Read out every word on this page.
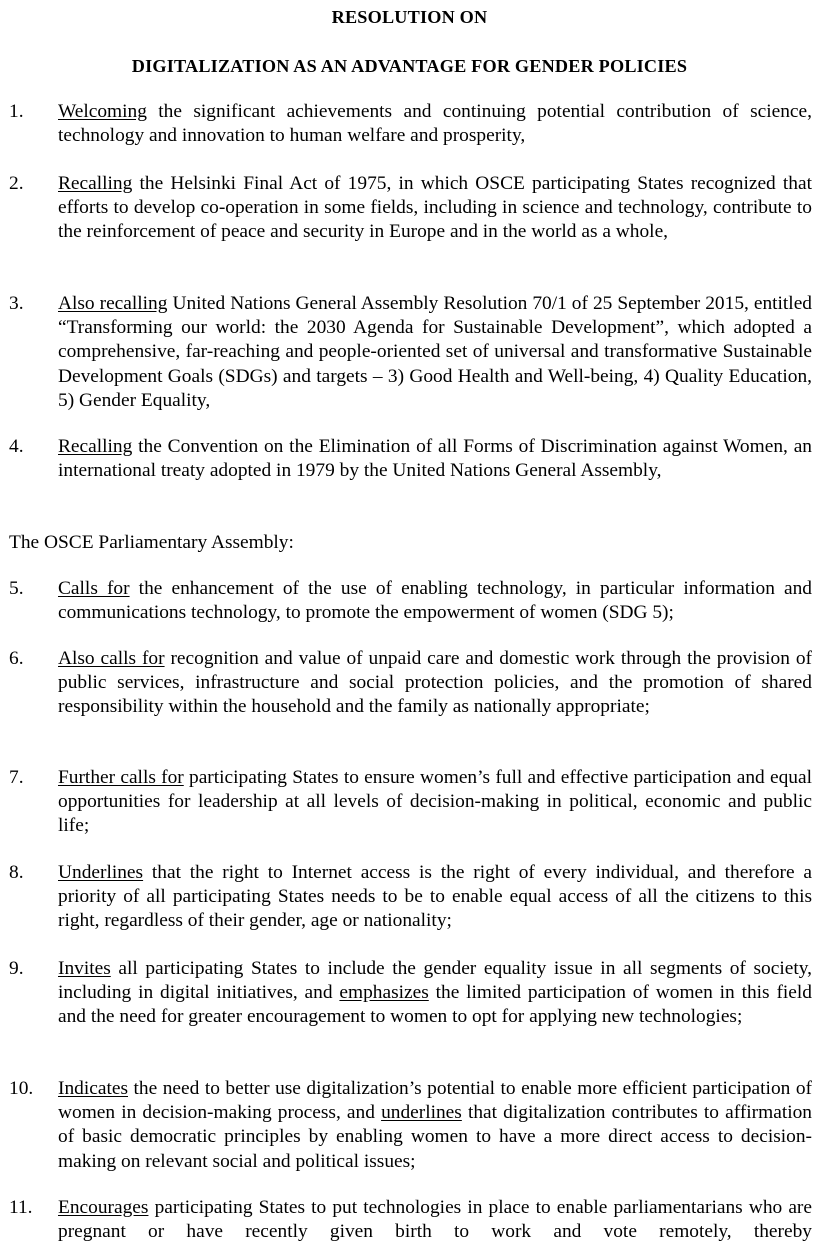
RESOLUTION ON
DIGITALIZATION AS AN ADVANTAGE FOR GENDER POLICIES
1. Welcoming the significant achievements and continuing potential contribution of science, technology and innovation to human welfare and prosperity,
2. Recalling the Helsinki Final Act of 1975, in which OSCE participating States recognized that efforts to develop co-operation in some fields, including in science and technology, contribute to the reinforcement of peace and security in Europe and in the world as a whole,
3. Also recalling United Nations General Assembly Resolution 70/1 of 25 September 2015, entitled “Transforming our world: the 2030 Agenda for Sustainable Development”, which adopted a comprehensive, far-reaching and people-oriented set of universal and transformative Sustainable Development Goals (SDGs) and targets – 3) Good Health and Well-being, 4) Quality Education, 5) Gender Equality,
4. Recalling the Convention on the Elimination of all Forms of Discrimination against Women, an international treaty adopted in 1979 by the United Nations General Assembly,
The OSCE Parliamentary Assembly:
5. Calls for the enhancement of the use of enabling technology, in particular information and communications technology, to promote the empowerment of women (SDG 5);
6. Also calls for recognition and value of unpaid care and domestic work through the provision of public services, infrastructure and social protection policies, and the promotion of shared responsibility within the household and the family as nationally appropriate;
7. Further calls for participating States to ensure women’s full and effective participation and equal opportunities for leadership at all levels of decision-making in political, economic and public life;
8. Underlines that the right to Internet access is the right of every individual, and therefore a priority of all participating States needs to be to enable equal access of all the citizens to this right, regardless of their gender, age or nationality;
9. Invites all participating States to include the gender equality issue in all segments of society, including in digital initiatives, and emphasizes the limited participation of women in this field and the need for greater encouragement to women to opt for applying new technologies;
10. Indicates the need to better use digitalization’s potential to enable more efficient participation of women in decision-making process, and underlines that digitalization contributes to affirmation of basic democratic principles by enabling women to have a more direct access to decision-making on relevant social and political issues;
11. Encourages participating States to put technologies in place to enable parliamentarians who are pregnant or have recently given birth to work and vote remotely, thereby
